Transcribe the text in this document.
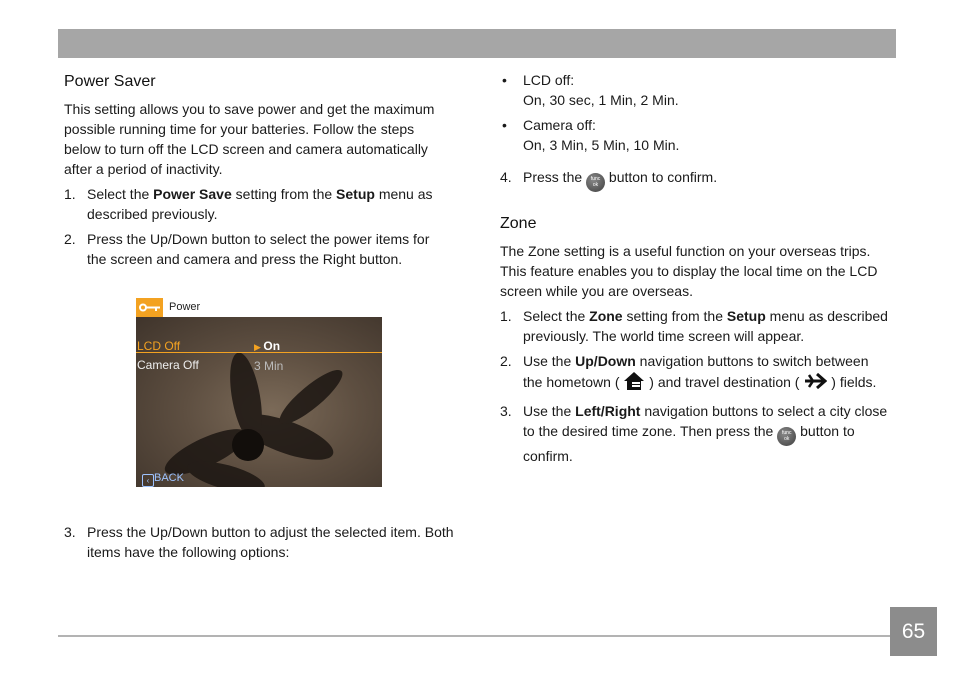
Power Saver

This setting allows you to save power and get the maximum possible running time for your batteries. Follow the steps below to turn off the LCD screen and camera automatically after a period of inactivity.

1. Select the Power Save setting from the Setup menu as described previously.
2. Press the Up/Down button to select the power items for the screen and camera and press the Right button.
3. Press the Up/Down button to adjust the selected item. Both items have the following options:
Power
LCD Off	▶ On
Camera Off	3 Min
‹ BACK
• LCD off:
On, 30 sec, 1 Min, 2 Min.
• Camera off:
On, 3 Min, 5 Min, 10 Min.
4. Press the func
ok button to confirm.
Zone

The Zone setting is a useful function on your overseas trips. This feature enables you to display the local time on the LCD screen while you are overseas.

1. Select the Zone setting from the Setup menu as described previously. The world time screen will appear.
2. Use the Up/Down navigation buttons to switch between the hometown (  ) and travel destination (  ) fields.
3. Use the Left/Right navigation buttons to select a city close to the desired time zone. Then press the func
ok button to confirm.
65
